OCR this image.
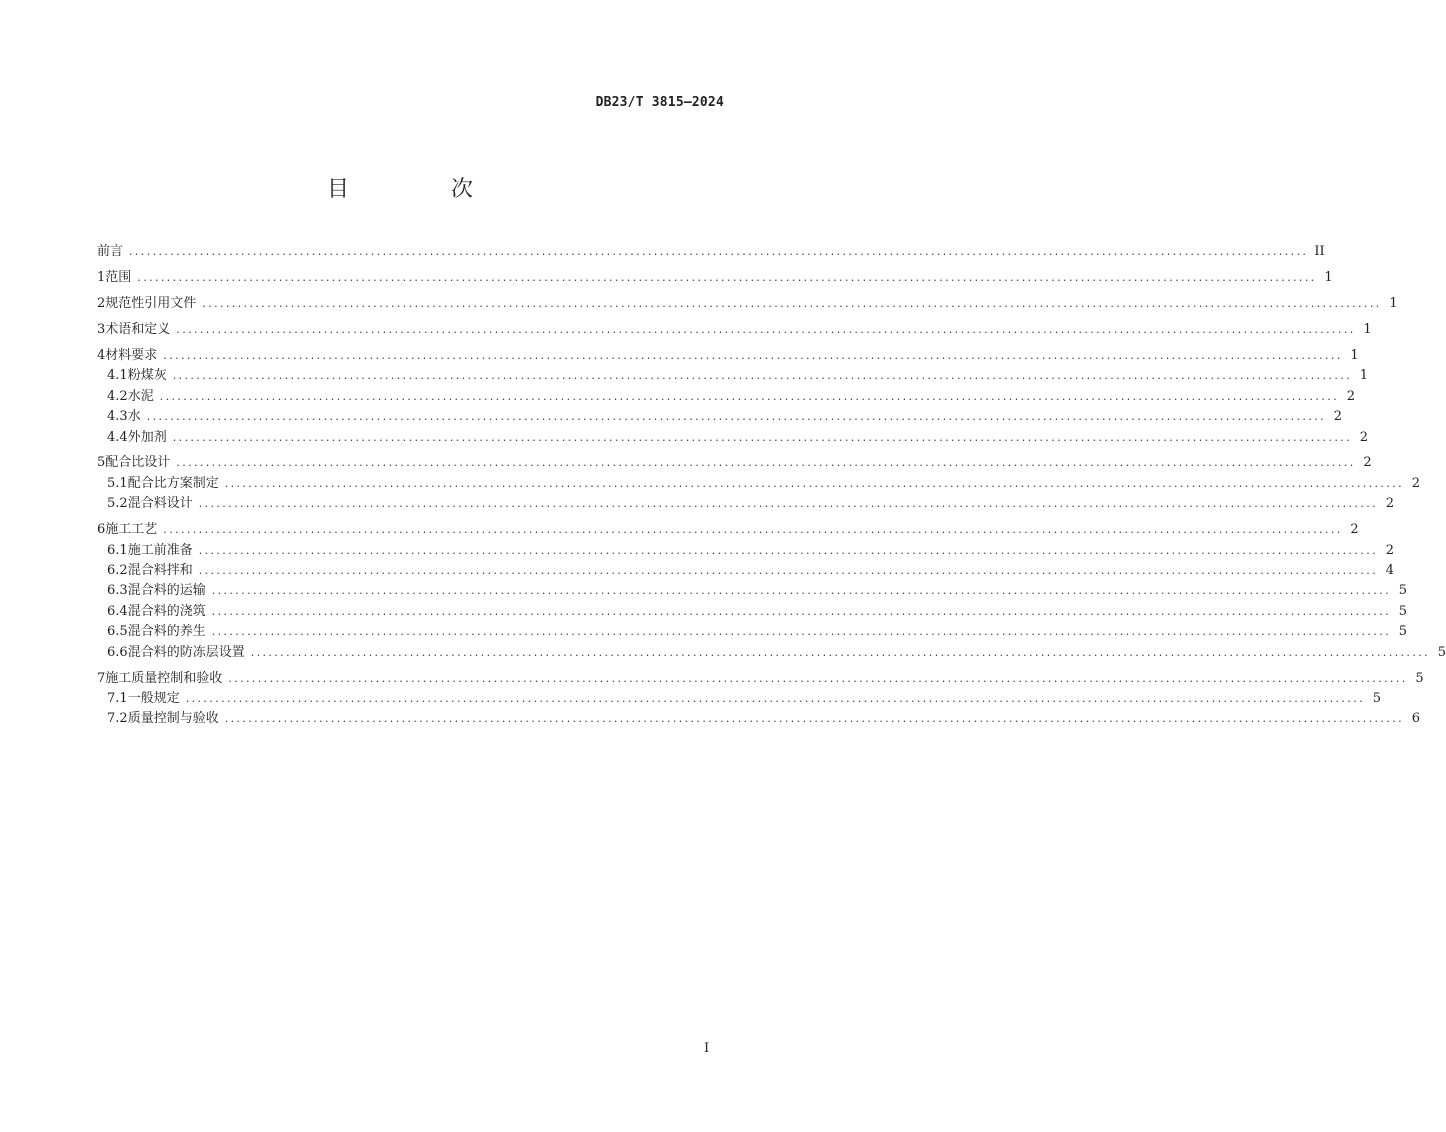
DB23/T 3815—2024
目　次
前言 ........................................................................................................................................................................................................ II
1 范围 ........................................................................................................................................................................................................ 1
2 规范性引用文件 ........................................................................................................................................................................................................ 1
3 术语和定义 ........................................................................................................................................................................................................ 1
4 材料要求 ........................................................................................................................................................................................................ 1
4.1 粉煤灰 ........................................................................................................................................................................................................ 1
4.2 水泥 ........................................................................................................................................................................................................ 2
4.3 水 ........................................................................................................................................................................................................ 2
4.4 外加剂 ........................................................................................................................................................................................................ 2
5 配合比设计 ........................................................................................................................................................................................................ 2
5.1 配合比方案制定 ........................................................................................................................................................................................................ 2
5.2 混合料设计 ........................................................................................................................................................................................................ 2
6 施工工艺 ........................................................................................................................................................................................................ 2
6.1 施工前准备 ........................................................................................................................................................................................................ 2
6.2 混合料拌和 ........................................................................................................................................................................................................ 4
6.3 混合料的运输 ........................................................................................................................................................................................................ 5
6.4 混合料的浇筑 ........................................................................................................................................................................................................ 5
6.5 混合料的养生 ........................................................................................................................................................................................................ 5
6.6 混合料的防冻层设置 ........................................................................................................................................................................................................ 5
7 施工质量控制和验收 ........................................................................................................................................................................................................ 5
7.1 一般规定 ........................................................................................................................................................................................................ 5
7.2 质量控制与验收 ........................................................................................................................................................................................................ 6
I
